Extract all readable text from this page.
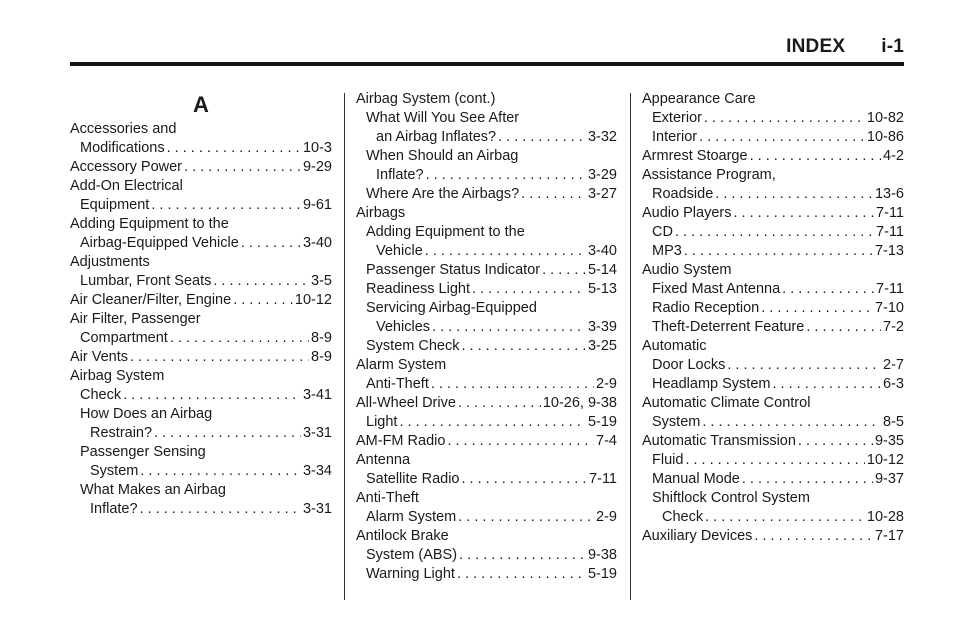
INDEX i-1
A
Accessories and
Modifications . . .	10-3
Accessory Power . . .	9-29
Add-On Electrical
Equipment . . .	9-61
Adding Equipment to the
Airbag-Equipped Vehicle . . .	3-40
Adjustments
Lumbar, Front Seats . . .	3-5
Air Cleaner/Filter, Engine . . .	10-12
Air Filter, Passenger
Compartment . . .	8-9
Air Vents . . .	8-9
Airbag System
Check . . .	3-41
How Does an Airbag
Restrain? . . .	3-31
Passenger Sensing
System . . .	3-34
What Makes an Airbag
Inflate? . . .	3-31
Airbag System (cont.)
What Will You See After
an Airbag Inflates? . . .	3-32
When Should an Airbag
Inflate? . . .	3-29
Where Are the Airbags? . . .	3-27
Airbags
Adding Equipment to the
Vehicle . . .	3-40
Passenger Status Indicator . . .	5-14
Readiness Light . . .	5-13
Servicing Airbag-Equipped
Vehicles . . .	3-39
System Check . . .	3-25
Alarm System
Anti-Theft . . .	2-9
All-Wheel Drive . . .	10-26, 9-38
Light . . .	5-19
AM-FM Radio . . .	7-4
Antenna
Satellite Radio . . .	7-11
Anti-Theft
Alarm System . . .	2-9
Antilock Brake
System (ABS) . . .	9-38
Warning Light . . .	5-19
Appearance Care
Exterior . . .	10-82
Interior . . .	10-86
Armrest Stoarge . . .	4-2
Assistance Program,
Roadside . . .	13-6
Audio Players . . .	7-11
CD . . .	7-11
MP3 . . .	7-13
Audio System
Fixed Mast Antenna . . .	7-11
Radio Reception . . .	7-10
Theft-Deterrent Feature . . .	7-2
Automatic
Door Locks . . .	2-7
Headlamp System . . .	6-3
Automatic Climate Control
System . . .	8-5
Automatic Transmission . . .	9-35
Fluid . . .	10-12
Manual Mode . . .	9-37
Shiftlock Control System
Check . . .	10-28
Auxiliary Devices . . .	7-17
